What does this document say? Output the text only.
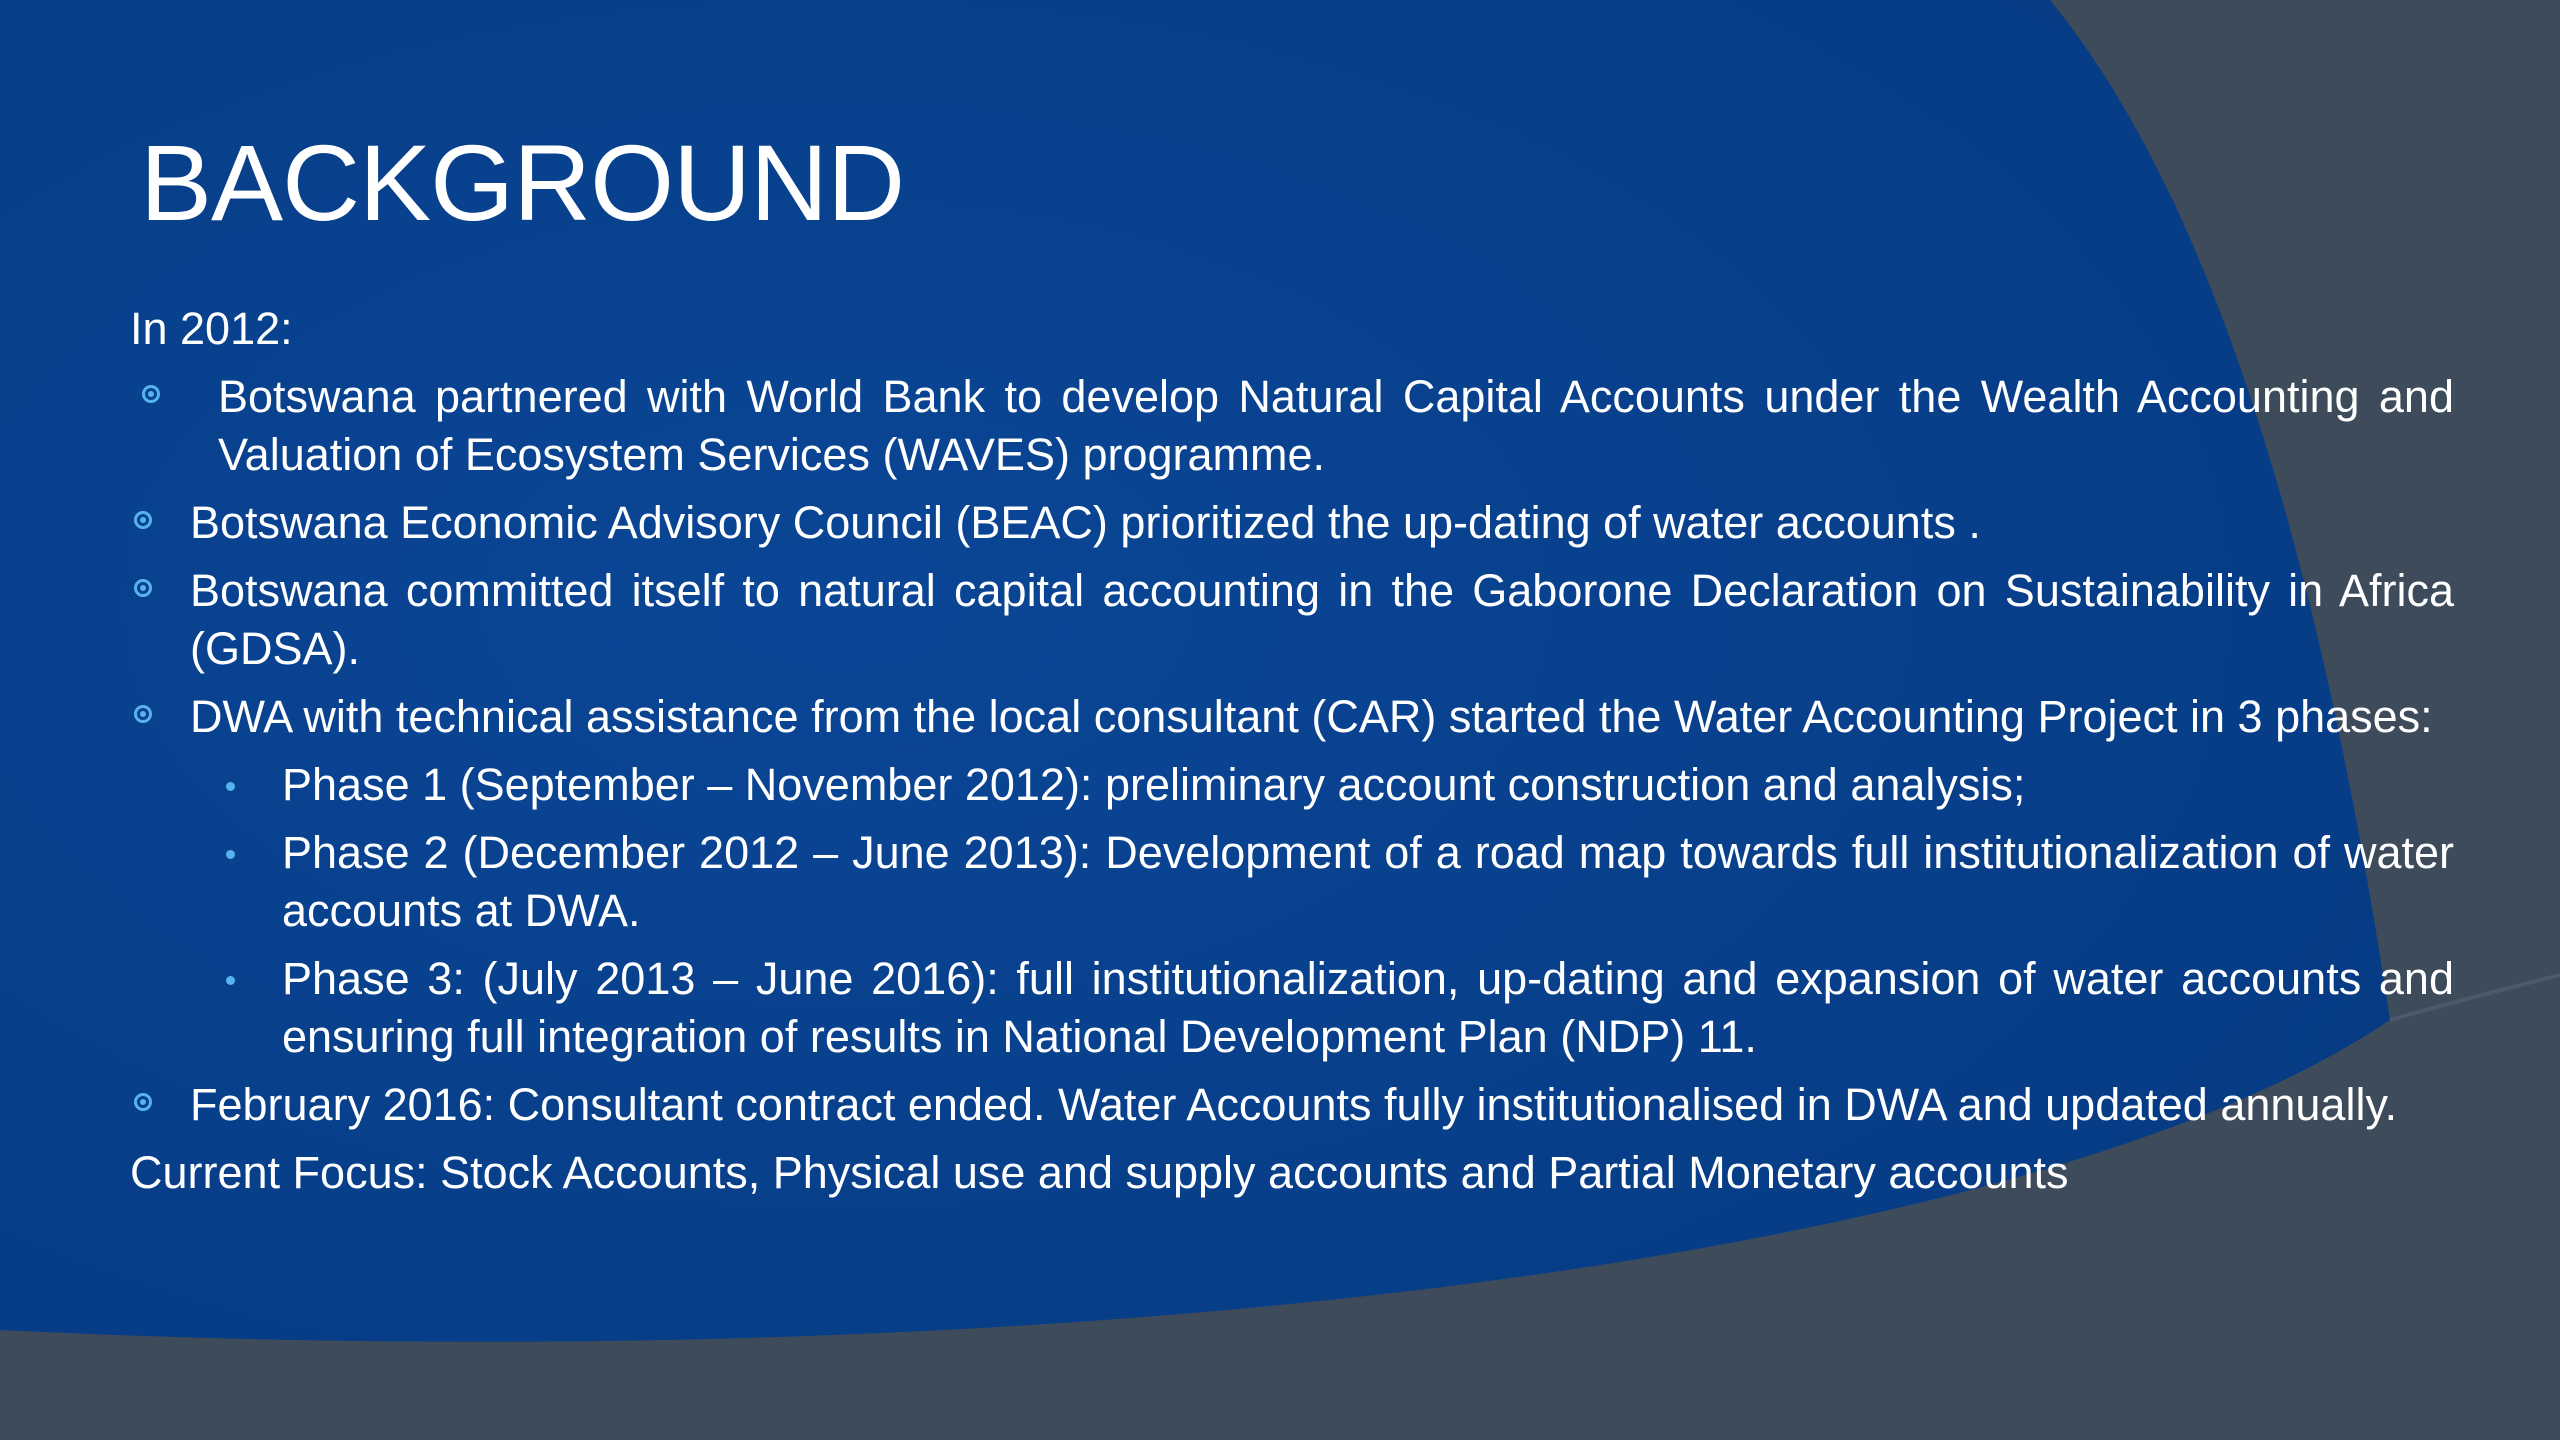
BACKGROUND

In 2012:

Botswana partnered with World Bank to develop Natural Capital Accounts under the Wealth Accounting and Valuation of Ecosystem Services (WAVES) programme.
Botswana Economic Advisory Council (BEAC) prioritized the up-dating of water accounts .
Botswana committed itself to natural capital accounting in the Gaborone Declaration on Sustainability in Africa (GDSA).
DWA with technical assistance from the local consultant (CAR) started the Water Accounting Project in 3 phases:
Phase 1 (September – November 2012): preliminary account construction and analysis;
Phase 2 (December 2012 – June 2013): Development of a road map towards full institutionalization of water accounts at DWA.
Phase 3: (July 2013 – June 2016): full institutionalization, up-dating and expansion of water accounts and ensuring full integration of results in National Development Plan (NDP) 11.
February 2016: Consultant contract ended. Water Accounts fully institutionalised in DWA and updated annually.

Current Focus: Stock Accounts, Physical use and supply accounts and Partial Monetary accounts
